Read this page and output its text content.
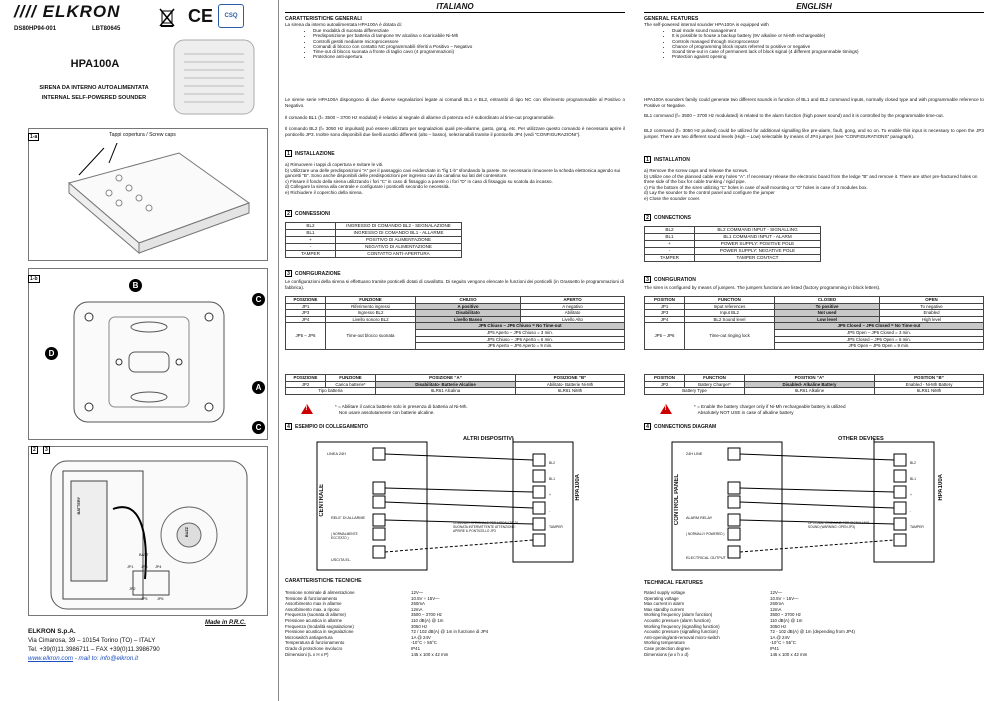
//// ELKRON
DS80HP94-001	LBT80645
CE	CSQ
HPA100A
SIRENA DA INTERNO AUTOALIMENTATA
INTERNAL SELF-POWERED SOUNDER
1-a	Tappi copertura / Screw caps
1-b
B
C
D
A
C
2	3
BATTERY
JP1 JP3 JP4
JP5 JP6
JP2
BATT
BUZZ
Made in P.R.C.
ELKRON S.p.A.
Via Cimarosa, 39 – 10154 Torino (TO) – ITALY
Tel. +39(0)11.3986711 – FAX +39(0)11.3986790
www.elkron.com - mail to: info@elkron.it
ITALIANO
CARATTERISTICHE GENERALI
La sirena da interno autoalimentata HPA100A è dotata di:
• Due modalità di suonata differenziate
• Predisposizione per batteria di tampone 9V alcalina o ricaricabile Ni-Mh
• Controlli gestiti mediante microprocessore
• Comandi di blocco con contatto NC programmabili riferiti a Positivo – Negativo
• Time-out di blocco suonata a fronte di taglio cavo (4 programmazioni)
• Protezione anti-apertura
Le sirene serie HPA100A dispongono di due diverse segnalazioni legate ai comandi BL1 e BL2, entrambi di tipo NC con riferimento programmabile al Positivo o Negativo.
Il comando BL1 (f= 3500 – 3700 Hz modulati) è relativo al segnale di allarme di potenza ed è subordinato al time-out programmabile.
Il comando BL2 (f= 3050 Hz impulsati) può essere utilizzato per segnalazioni quali pre-allarme, gasto, gong, etc. Per utilizzare questo comando è necessario aprire il ponticello JP3. Inoltre sono disponibili due livelli acustici differenti (alto – basso), selezionabili tramite il ponticello JP4 (vedi “CONFIGURAZIONI”).
1	INSTALLAZIONE
a) Rimuovere i tappi di copertura e svitare le viti.
b) Utilizzare una delle predisposizioni “A” per il passaggio cavi evidenziate in “fig 1-b” sfondando la parete. Se necessario rimuovere la scheda elettronica agendo sui gancetti “B”. Sono anche disponibili delle predisposizioni per ingresso cavi da canalina sui lati del contenitore.
c) Fissare il fondo della sirena utilizzando i fori “C” in caso di fissaggio a parete o i fori “D” in caso di fissaggio su scatola da incasso.
d) Collegare la sirena alla centrale e configurare i ponticelli secondo le necessità.
e) Richiudere il coperchio della sirena.
2	CONNESSIONI
BL2	INGRESSO DI COMANDO BL2 - SEGNALAZIONE
BL1	INGRESSO DI COMANDO BL1 - ALLARME
+	POSITIVO DI ALIMENTAZIONE
-	NEGATIVO DI ALIMENTAZIONE
TAMPER	CONTATTO ANTI-APERTURA
3	CONFIGURAZIONE
Le configurazioni della sirena si effettuano tramite ponticelli dotati di cavallotto. Di seguito vengono elencate le funzioni dei ponticelli (in Grassetto le programmazioni di fabbrica).
POSIZIONE	FUNZIONE	CHIUSO	APERTO
JP1	Riferimento ingressi	A positivo	A negativo
JP3	Ingresso BL2	Disabilitato	Abilitato
JP4	Livello sonoro BL2	Livello Basso	Livello Alto
JP5 – JP6	Time-out blocco suonata	JP5 Chiuso – JP6 Chiuso = No Time-out	
		JP5 Aperto – JP6 Chiuso = 3 min.	
		JP5 Chiuso – JP6 Aperto = 6 min.	
		JP5 Aperto – JP6 Aperto = 9 min.	
POSIZIONE	FUNZIONE	POSIZIONE “A”	POSIZIONE “B”
JP2	Carica batterie*	Disabilitato- Batterie Alcaline	Abilitato- Batterie Ni-Mh
Tipo batteria		6LR61 Alcalina	6LR61 NiMh
!
* = Abilitare il carica batterie solo in presenza di batteria al Ni-Mh.
Non usare assolutamente con batterie alcaline.
4	ESEMPIO DI COLLEGAMENTO
ALTRI DISPOSITIVI
LINEA 24H
CENTRALE
RELE' DI ALLARME
( NORMALMENTE ECCITATO )
USCITA EL.
COMANDO OPZIONALE PER MODALITA' DI SUONATA INTERMITTENTE ATTENZIONE: APRIRE IL PONTICELLO JP3
HPA100A
BL2
BL1
+
-
TAMPER
CARATTERISTICHE TECNICHE
Tensione nominale di alimentazione	12V—
Tensione di funzionamento	10.5V ÷ 15V—
Assorbimento max in allarme	260mA
Assorbimento max. a riposo	12mA
Frequenza (suonata di allarme)	3500 – 3700 Hz
Pressione acustica in allarme	110 dB(A) @ 1m
Frequenza (modalità segnalazione)	3050 Hz
Pressione acustica in segnalazione	72 / 102 dB(A) @ 1m in funzione di JP4
Microswitch antiapertura	1A @ 24V
Temperatura di funzionamento	-10°C ÷ 55°C
Grado di protezione involucro	IP41
Dimensioni (L x H x P)	145 x 100 x 42 mm
ENGLISH
GENERAL FEATURES
The self-powered internal sounder HPA100A is equipped with
• Dual mode sound management
• It is possible to house a backup battery (9V alkaline or Ni-Mh rechargeable)
• Controls managed through microprocessor
• Chance of programming block inputs referred to positive or negative
• Sound time-out in case of permanent lack of block signal (4 different programmable timings)
• Protection against opening
HPA100A sounders family could generate two different sounds in function of BL1 and BL2 command inputs, normally closed type and with programmable reference to Positive or Negative.
BL1 command (f= 3500 – 3700 Hz modulated) is related to the alarm function (high power sound) and it is controlled by the programmable time-out.
BL2 command (f= 3050 Hz pulsed) could be utilized for additional signalling like pre-alarm, fault, gong, and so on. To enable this input is necessary to open the JP3 jumper. There are two different sound levels (High – Low) selectable by means of JP4 jumper (see “CONFIGURATIONS” paragraph).
1	INSTALLATION
a) Remove the screw caps and release the screws.
b) Utilize one of the planned cable entry holes “A”. If necessary release the electronic board from the ledge “B” and remove it. There are other pre-fractured holes on three side of the box for cable trunking / rigid pipe.
c) Fix the bottom of the siren utilizing “C” holes in case of wall mounting or “D” holes in case of 3 modules box.
d) Lay the sounder to the control panel and configure the jumper
e) Close the sounder cover.
2	CONNECTIONS
BL2	BL2 COMMAND INPUT - SIGNALLING
BL1	BL1 COMMAND INPUT - ALARM
+	POWER SUPPLY: POSITIVE POLE
-	POWER SUPPLY: NEGATIVE POLE
TAMPER	TAMPER CONTACT
3	CONFIGURATION
The siren is configured by means of jumpers. The jumpers functions are listed (factory programming in block letters).
POSITION	FUNCTION	CLOSED	OPEN
JP1	Input references	To positive	To negative
JP3	Input BL2	Not used	Enabled
JP4	BL2 Sound level	Low level	High level
JP5 – JP6	Time-out ringing lock	JP5 Closed – JP6 Closed = No Time-out	
		JP5 Open – JP6 Closed = 3 min.	
		JP5 Closed – JP6 Open = 6 min.	
		JP5 Open – JP6 Open = 9 min.	
POSITION	FUNCTION	POSITION “A”	POSITION “B”
JP2	Battery Charger*	Disabled- Alkaline Battery	Enabled - Ni-Mh Battery
Battery Type		6LR61 Alkaline	6LR61 NiMh
!
* = Enable the battery charger only if Ni-Mh rechargeable battery is utilized
Absolutely NOT USE in case of alkaline battery
4	CONNECTIONS DIAGRAM
OTHER DEVICES
24H LINE
CONTROL PANEL ALARM RELAY
( NORMALLY POWERED )
ELECTRICAL OUTPUT
OPTIONAL COMMAND FOR SIGNALLING SOUND (WARNING: OPEN JP3)
HPA100A
BL2
BL1
+
-
TAMPER
TECHNICAL FEATURES
Rated supply voltage	12V—
Operating voltage	10.5V ÷ 15V—
Max current in alarm	260mA
Max standby current	12mA
Working frequency (alarm function)	3500 – 3700 Hz
Acoustic pressure (alarm function)	110 dB(A) @ 1m
Working frequency (signalling function)	3050 Hz
Acoustic pressure (signalling function)	72 - 102 dB(A) @ 1m (depending from JP4)
Anti-opening/anti-removal micro-switch	1A @ 24V
Working temperature	-10°C ÷ 55°C
Case protection degree	IP41
Dimensions (w x h x d)	145 x 100 x 42 mm
